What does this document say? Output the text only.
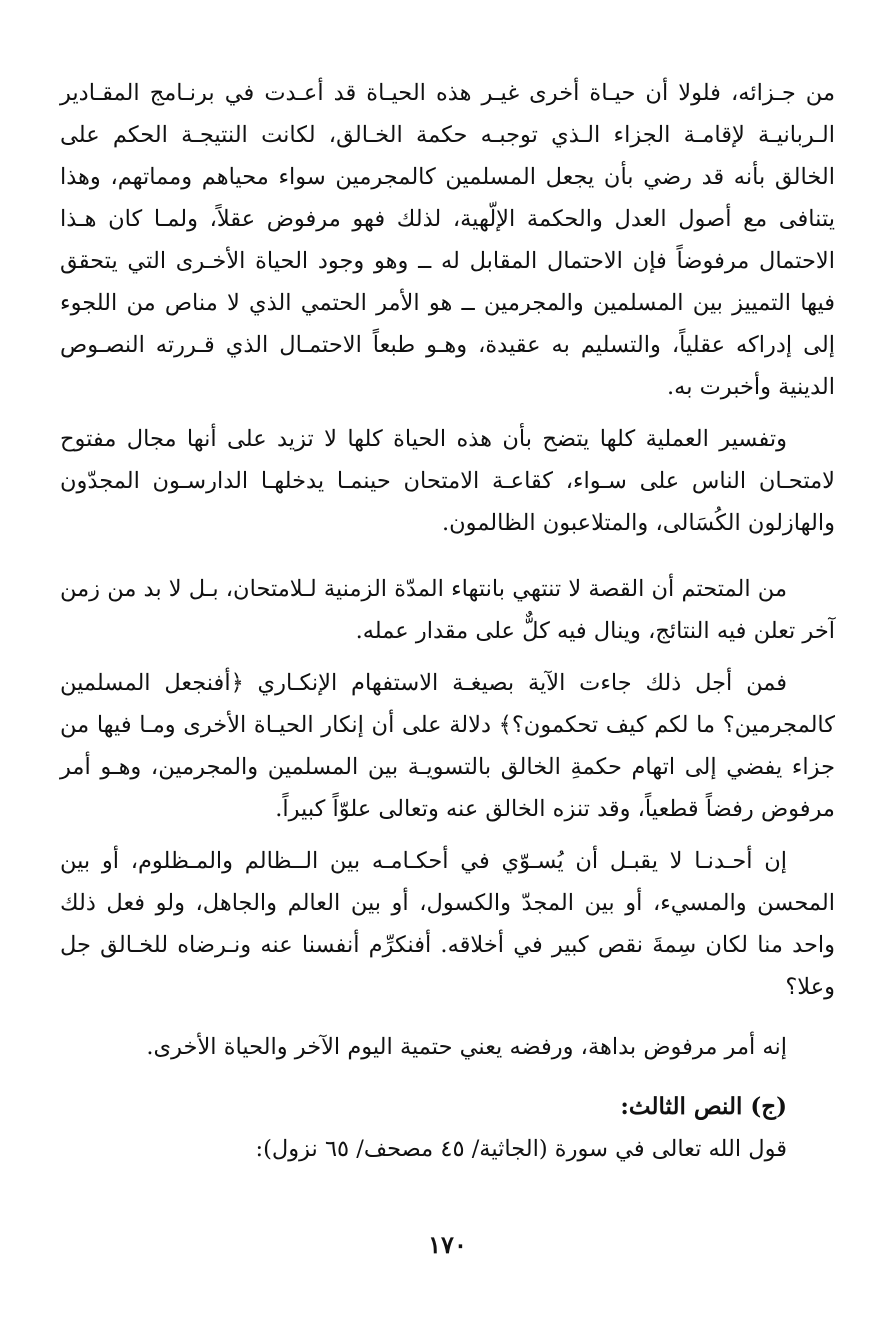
من جـزائه، فلولا أن حيـاة أخرى غيـر هذه الحيـاة قد أعـدت في برنـامج المقـادير الـربانيـة لإقامـة الجزاء الـذي توجبـه حكمة الخـالق، لكانت النتيجـة الحكم على الخالق بأنه قد رضي بأن يجعل المسلمين كالمجرمين سواء محياهم ومماتهم، وهذا يتنافى مع أصول العدل والحكمة الإلّهية، لذلك فهو مرفوض عقلاً، ولمـا كان هـذا الاحتمال مرفوضاً فإن الاحتمال المقابل له ــ وهو وجود الحياة الأخـرى التي يتحقق فيها التمييز بين المسلمين والمجرمين ــ هو الأمر الحتمي الذي لا مناص من اللجوء إلى إدراكه عقلياً، والتسليم به عقيدة، وهـو طبعاً الاحتمـال الذي قـررته النصـوص الدينية وأخبرت به.

وتفسير العملية كلها يتضح بأن هذه الحياة كلها لا تزيد على أنها مجال مفتوح لامتحـان الناس على سـواء، كقاعـة الامتحان حينمـا يدخلهـا الدارسـون المجدّون والهازلون الكُسَالى، والمتلاعبون الظالمون.

من المتحتم أن القصة لا تنتهي بانتهاء المدّة الزمنية لـلامتحان، بـل لا بد من زمن آخر تعلن فيه النتائج، وينال فيه كلٌّ على مقدار عمله.

فمن أجل ذلك جاءت الآية بصيغـة الاستفهام الإنكـاري ﴿أفنجعل المسلمين كالمجرمين؟ ما لكم كيف تحكمون؟﴾ دلالة على أن إنكار الحيـاة الأخرى ومـا فيها من جزاء يفضي إلى اتهام حكمةِ الخالق بالتسويـة بين المسلمين والمجرمين، وهـو أمر مرفوض رفضاً قطعياً، وقد تنزه الخالق عنه وتعالى علوّاً كبيراً.

إن أحـدنـا لا يقبـل أن يُسـوّي في أحكـامـه بين الــظالم والمـظلوم، أو بين المحسن والمسيء، أو بين المجدّ والكسول، أو بين العالم والجاهل، ولو فعل ذلك واحد منا لكان سِمةَ نقص كبير في أخلاقه. أفنكرِّم أنفسنا عنه ونـرضاه للخـالق جل وعلا؟

إنه أمر مرفوض بداهة، ورفضه يعني حتمية اليوم الآخر والحياة الأخرى.

(ج) النص الثالث:

قول الله تعالى في سورة (الجاثية/ ٤٥ مصحف/ ٦٥ نزول):

١٧٠
